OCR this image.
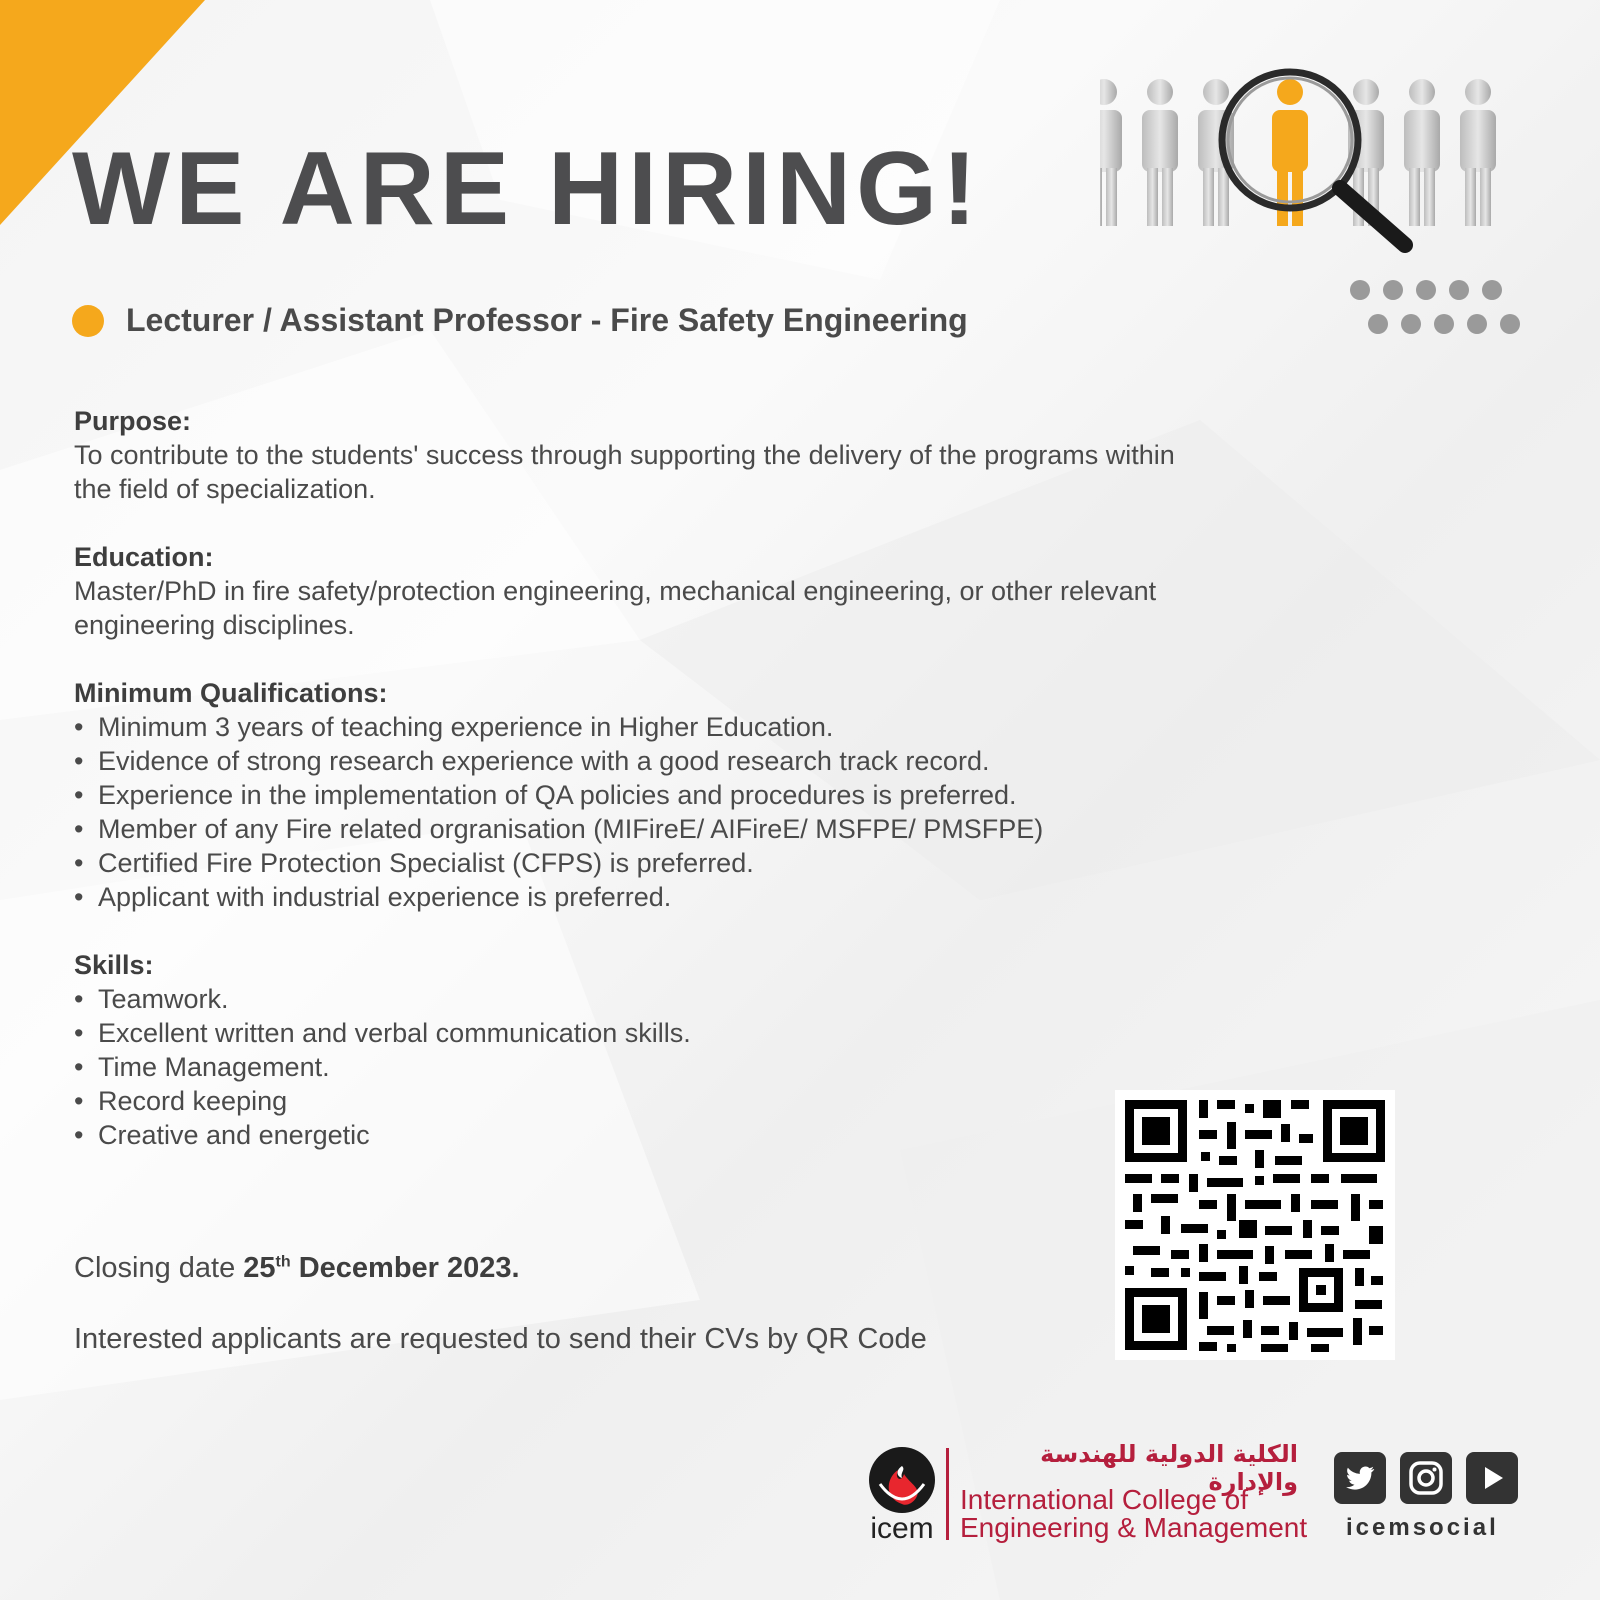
WE ARE HIRING!
Lecturer / Assistant Professor - Fire Safety Engineering
Purpose:

To contribute to the students' success through supporting the delivery of the programs within the field of specialization.

Education:

Master/PhD in fire safety/protection engineering, mechanical engineering, or other relevant engineering disciplines.

Minimum Qualifications:
• Minimum 3 years of teaching experience in Higher Education.
• Evidence of strong research experience with a good research track record.
• Experience in the implementation of QA policies and procedures is preferred.
• Member of any Fire related orgranisation (MIFireE/ AIFireE/ MSFPE/ PMSFPE)
• Certified Fire Protection Specialist (CFPS) is preferred.
• Applicant with industrial experience is preferred.
Skills:
• Teamwork.
• Excellent written and verbal communication skills.
• Time Management.
• Record keeping
• Creative and energetic
Closing date 25th December 2023.
Interested applicants are requested to send their CVs by QR Code
icem
الكلية الدولية للهندسة والإدارة
International College of
Engineering & Management icemsocial
